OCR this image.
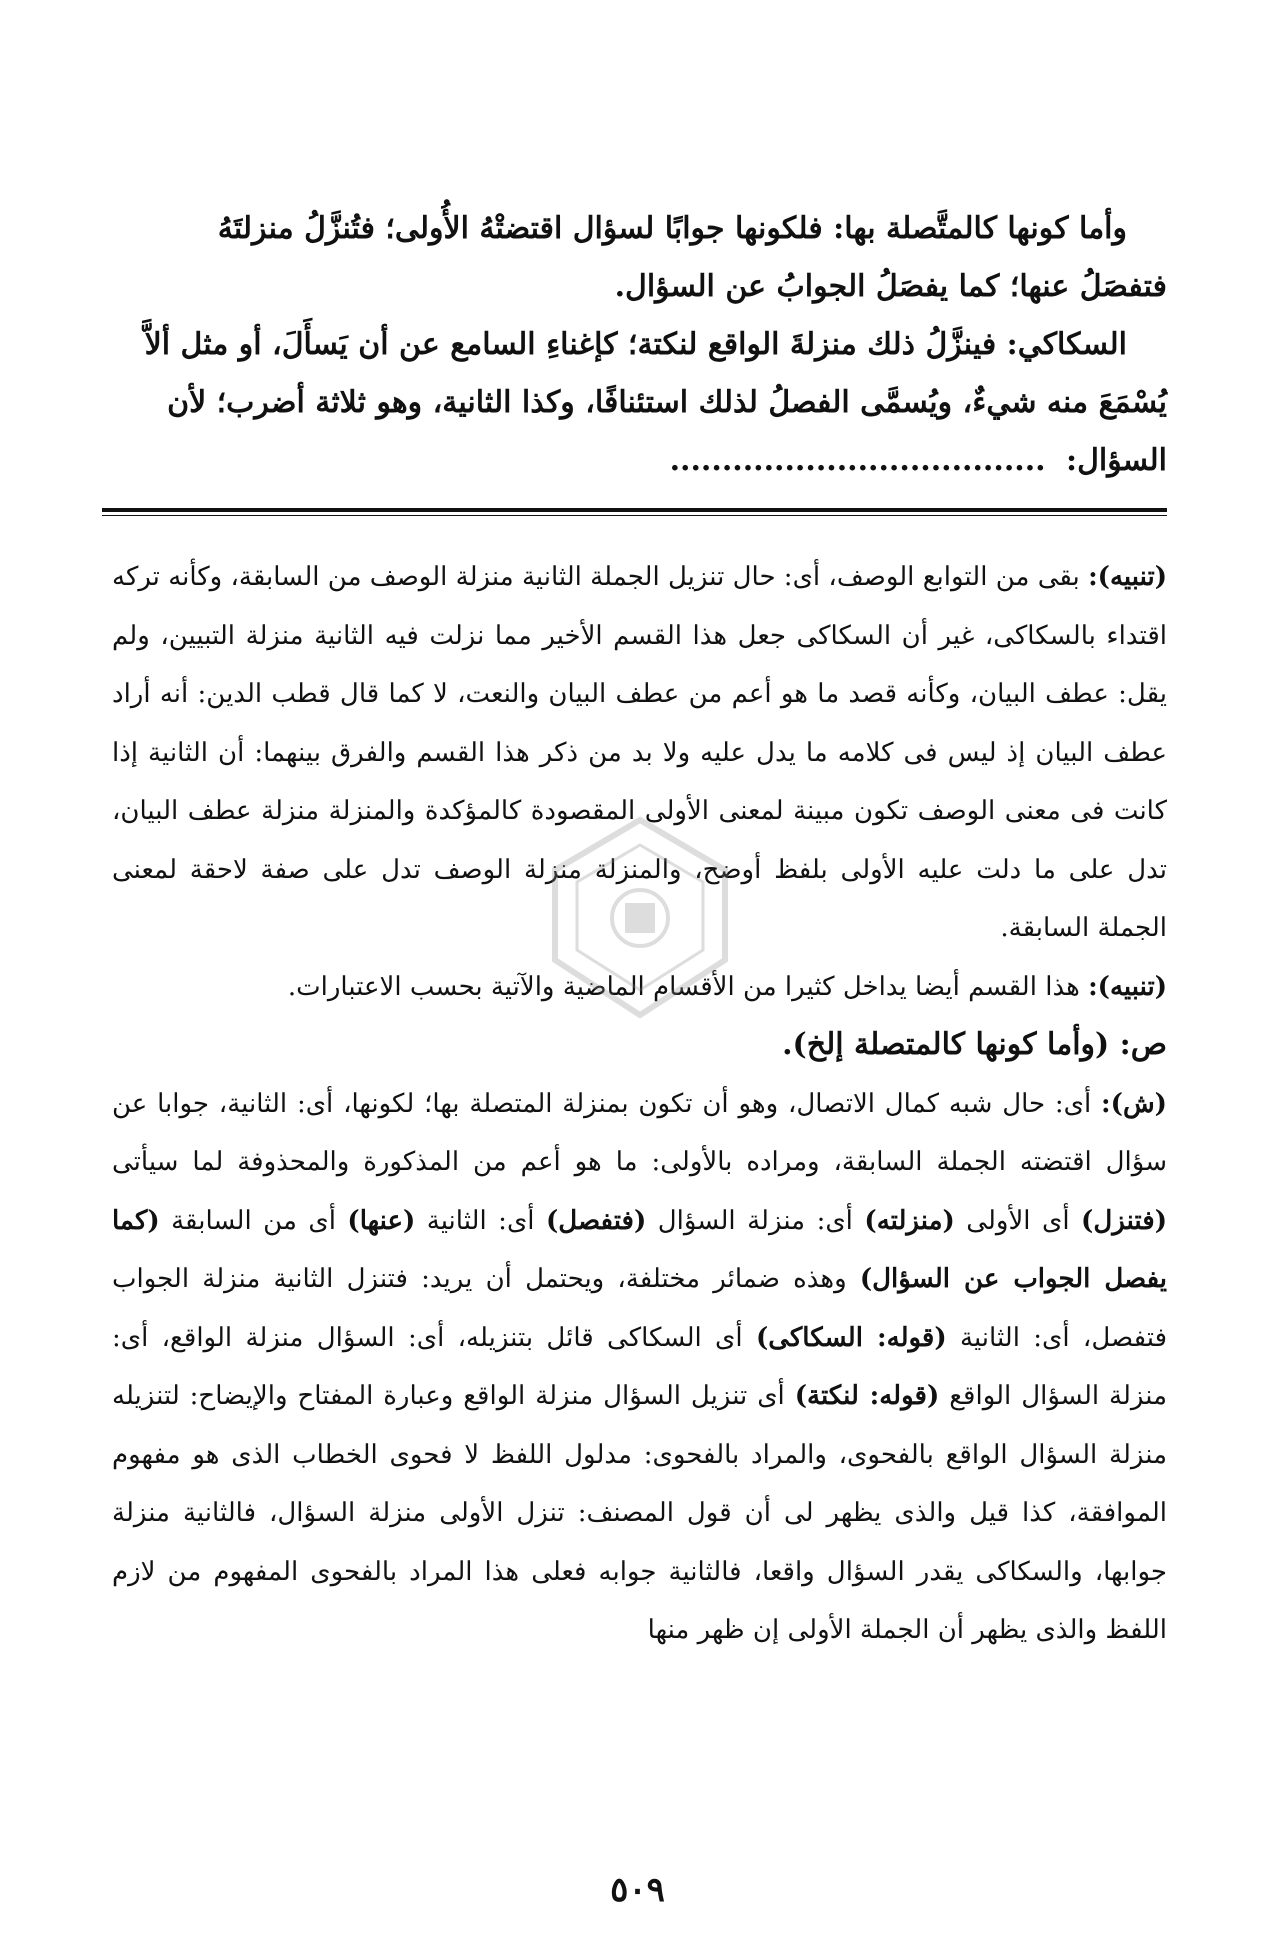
وأما كونها كالمتَّصلة بها: فلكونها جوابًا لسؤال اقتضتْهُ الأُولى؛ فتُنزَّلُ منزلتَهُ
فتفصَلُ عنها؛ كما يفصَلُ الجوابُ عن السؤال.

السكاكي: فينزَّلُ ذلك منزلةَ الواقع لنكتة؛ كإغناءِ السامع عن أن يَسأَلَ، أو مثل ألاَّ
يُسْمَعَ منه شيءٌ، ويُسمَّى الفصلُ لذلك استئنافًا، وكذا الثانية، وهو ثلاثة أضرب؛ لأن
السؤال: ....................................

(تنبيه): بقى من التوابع الوصف، أى: حال تنزيل الجملة الثانية منزلة الوصف من السابقة، وكأنه تركه اقتداء بالسكاكى، غير أن السكاكى جعل هذا القسم الأخير مما نزلت فيه الثانية منزلة التبيين، ولم يقل: عطف البيان، وكأنه قصد ما هو أعم من عطف البيان والنعت، لا كما قال قطب الدين: أنه أراد عطف البيان إذ ليس فى كلامه ما يدل عليه ولا بد من ذكر هذا القسم والفرق بينهما: أن الثانية إذا كانت فى معنى الوصف تكون مبينة لمعنى الأولى المقصودة كالمؤكدة والمنزلة منزلة عطف البيان، تدل على ما دلت عليه الأولى بلفظ أوضح، والمنزلة منزلة الوصف تدل على صفة لاحقة لمعنى الجملة السابقة.

(تنبيه): هذا القسم أيضا يداخل كثيرا من الأقسام الماضية والآتية بحسب الاعتبارات.

ص: (وأما كونها كالمتصلة إلخ).

(ش): أى: حال شبه كمال الاتصال، وهو أن تكون بمنزلة المتصلة بها؛ لكونها، أى: الثانية، جوابا عن سؤال اقتضته الجملة السابقة، ومراده بالأولى: ما هو أعم من المذكورة والمحذوفة لما سيأتى (فتنزل) أى الأولى (منزلته) أى: منزلة السؤال (فتفصل) أى: الثانية (عنها) أى من السابقة (كما يفصل الجواب عن السؤال) وهذه ضمائر مختلفة، ويحتمل أن يريد: فتنزل الثانية منزلة الجواب فتفصل، أى: الثانية (قوله: السكاكى) أى السكاكى قائل بتنزيله، أى: السؤال منزلة الواقع، أى: منزلة السؤال الواقع (قوله: لنكتة) أى تنزيل السؤال منزلة الواقع وعبارة المفتاح والإيضاح: لتنزيله منزلة السؤال الواقع بالفحوى، والمراد بالفحوى: مدلول اللفظ لا فحوى الخطاب الذى هو مفهوم الموافقة، كذا قيل والذى يظهر لى أن قول المصنف: تنزل الأولى منزلة السؤال، فالثانية منزلة جوابها، والسكاكى يقدر السؤال واقعا، فالثانية جوابه فعلى هذا المراد بالفحوى المفهوم من لازم اللفظ والذى يظهر أن الجملة الأولى إن ظهر منها

٥٠٩
